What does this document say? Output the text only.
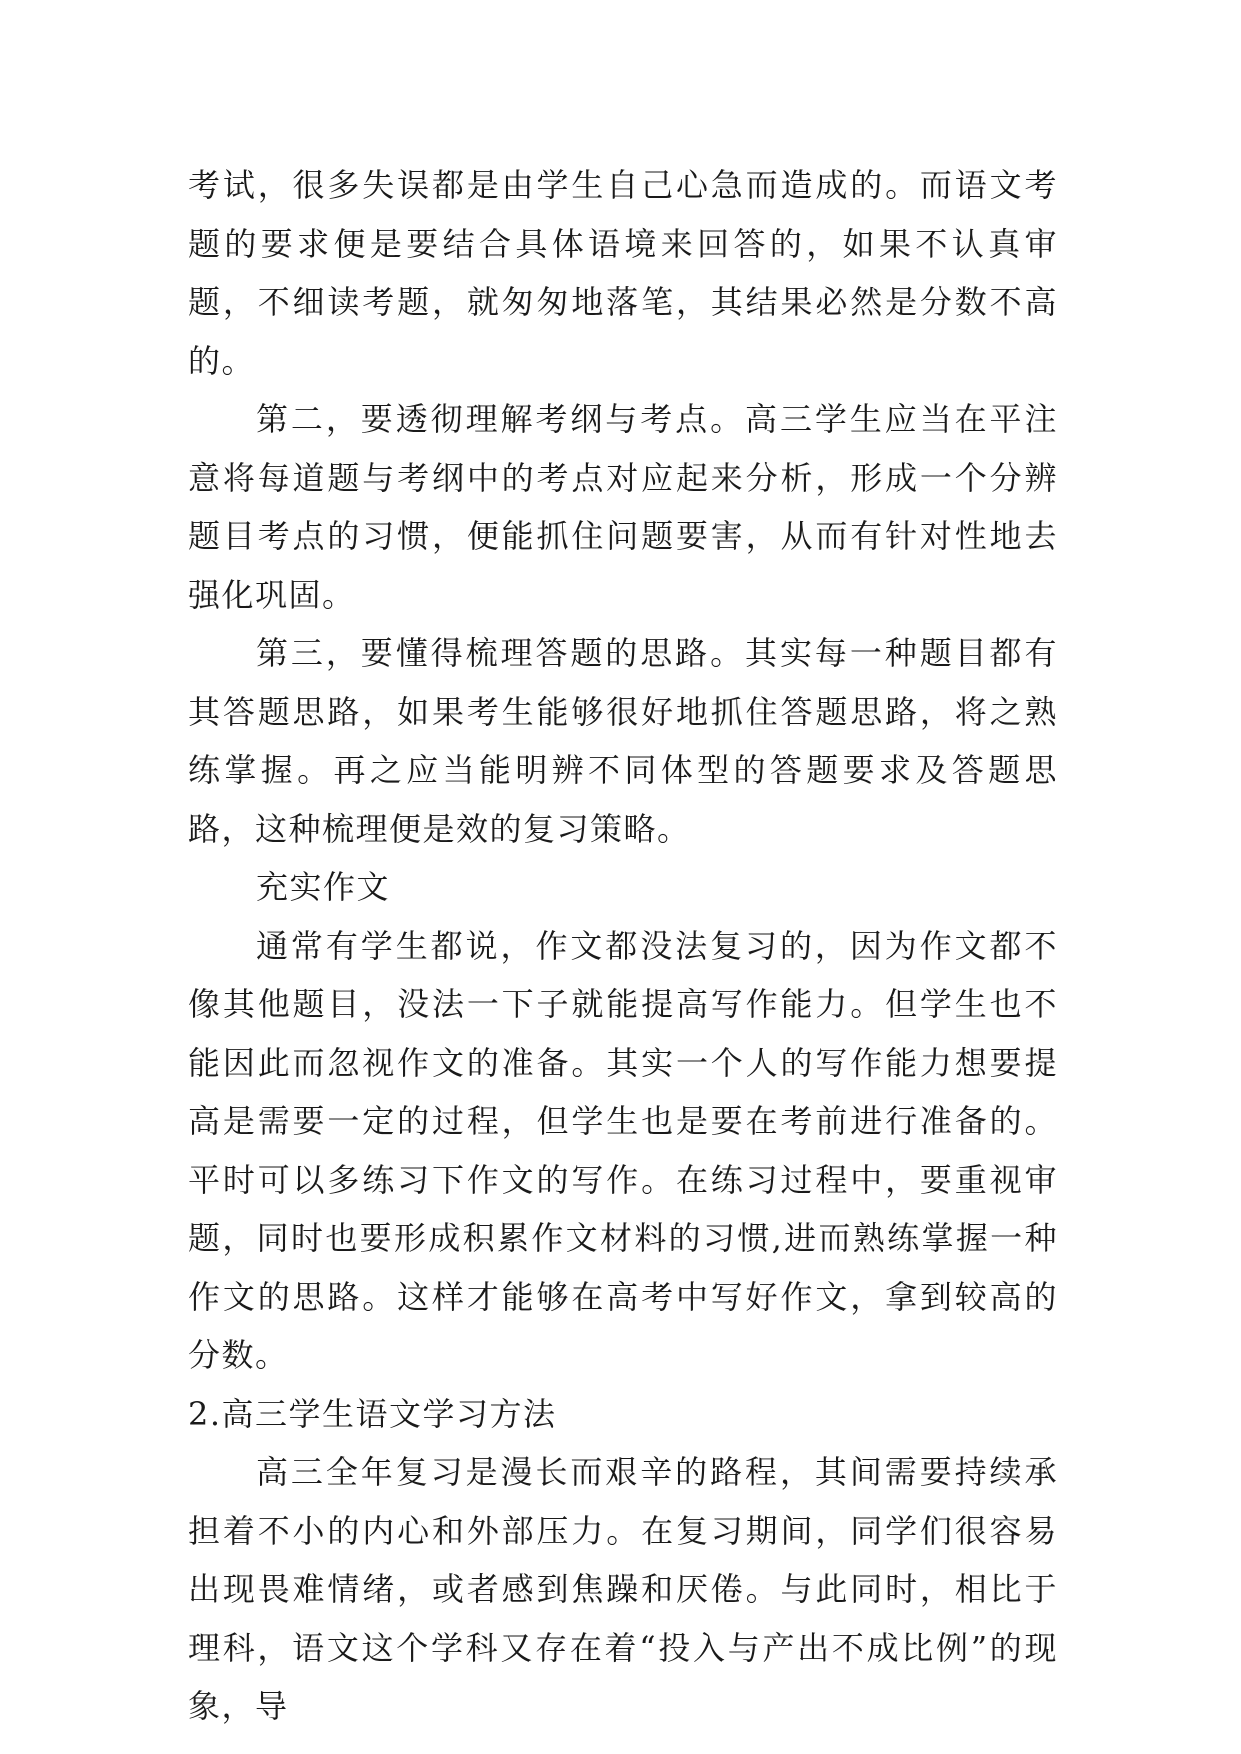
考试，很多失误都是由学生自己心急而造成的。而语文考题的要求便是要结合具体语境来回答的，如果不认真审题，不细读考题，就匆匆地落笔，其结果必然是分数不高的。

第二，要透彻理解考纲与考点。高三学生应当在平注意将每道题与考纲中的考点对应起来分析，形成一个分辨题目考点的习惯，便能抓住问题要害，从而有针对性地去强化巩固。

第三，要懂得梳理答题的思路。其实每一种题目都有其答题思路，如果考生能够很好地抓住答题思路，将之熟练掌握。再之应当能明辨不同体型的答题要求及答题思路，这种梳理便是效的复习策略。

充实作文

通常有学生都说，作文都没法复习的，因为作文都不像其他题目，没法一下子就能提高写作能力。但学生也不能因此而忽视作文的准备。其实一个人的写作能力想要提高是需要一定的过程，但学生也是要在考前进行准备的。平时可以多练习下作文的写作。在练习过程中，要重视审题，同时也要形成积累作文材料的习惯,进而熟练掌握一种作文的思路。这样才能够在高考中写好作文，拿到较高的分数。

2.高三学生语文学习方法

高三全年复习是漫长而艰辛的路程，其间需要持续承担着不小的内心和外部压力。在复习期间，同学们很容易出现畏难情绪，或者感到焦躁和厌倦。与此同时，相比于理科，语文这个学科又存在着“投入与产出不成比例”的现象，导
